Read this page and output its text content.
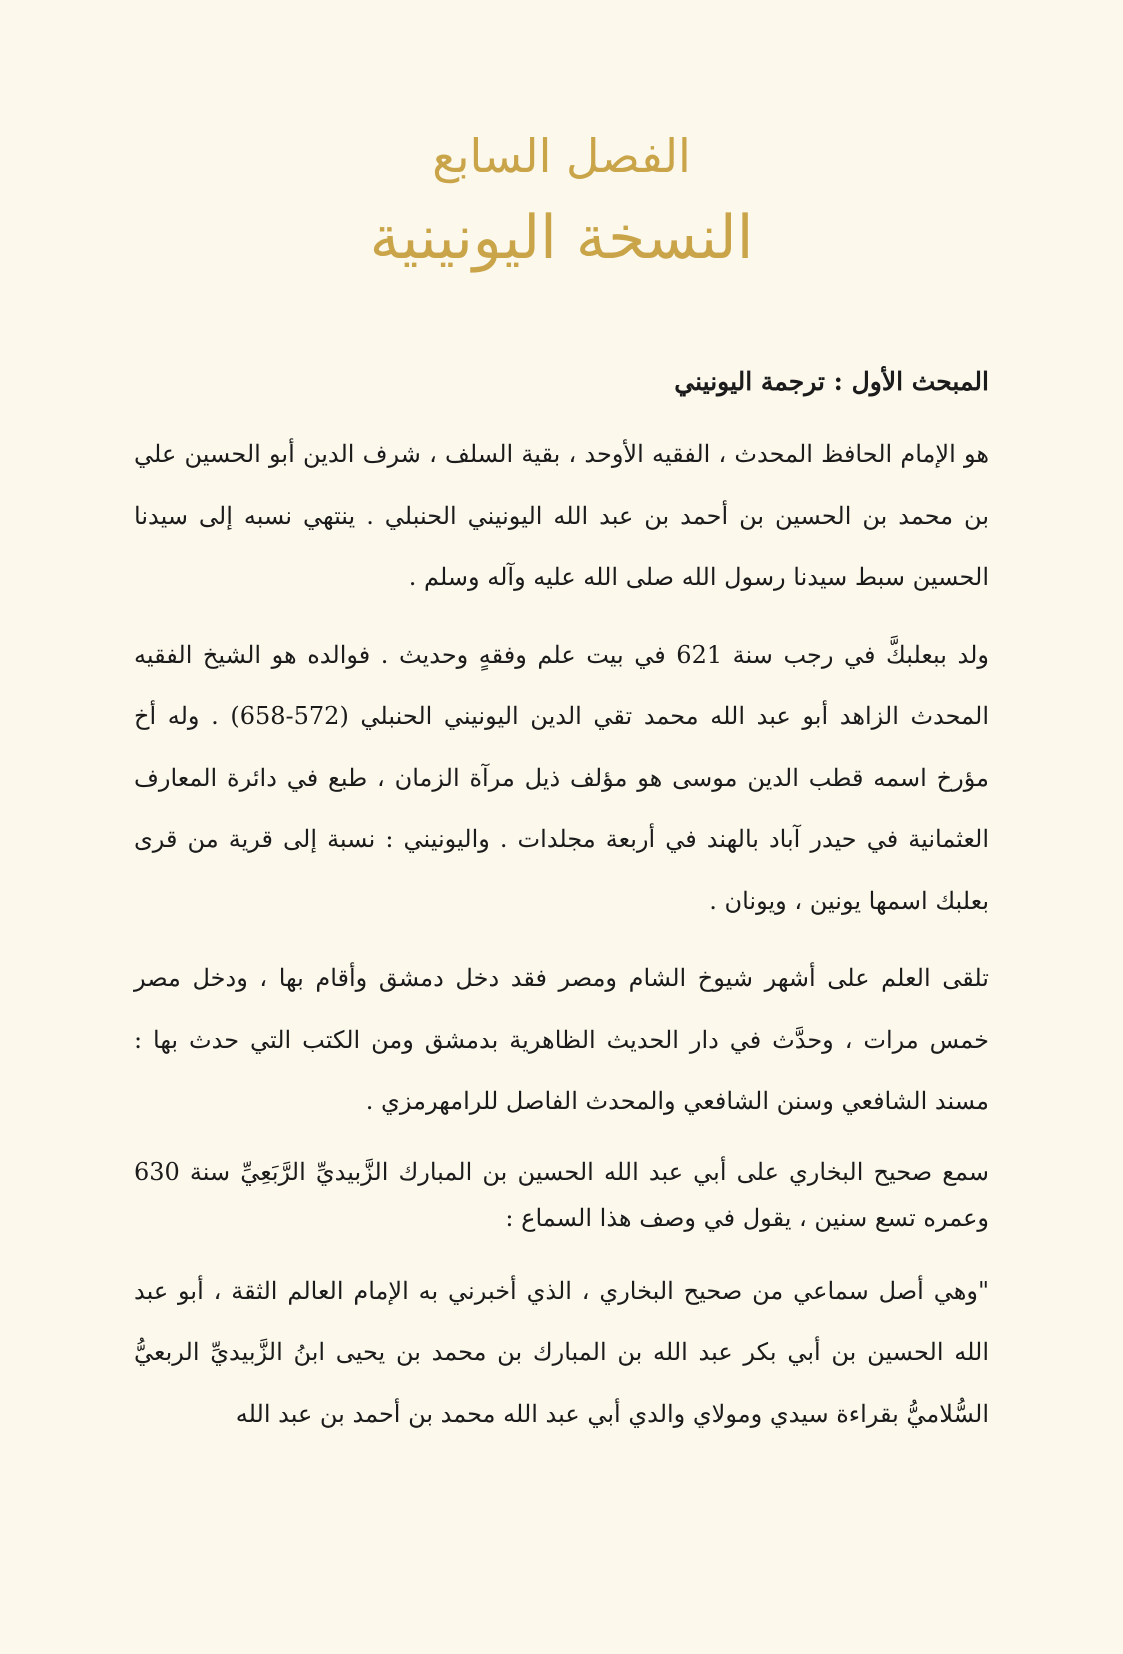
الفصل السابع
النسخة اليونينية
المبحث الأول : ترجمة اليونيني

هو الإمام الحافظ المحدث ، الفقيه الأوحد ، بقية السلف ، شرف الدين أبو الحسين علي بن محمد بن الحسين بن أحمد بن عبد الله اليونيني الحنبلي . ينتهي نسبه إلى سيدنا الحسين سبط سيدنا رسول الله صلى الله عليه وآله وسلم .

ولد ببعلبكَّ في رجب سنة 621 في بيت علم وفقهٍ وحديث . فوالده هو الشيخ الفقيه المحدث الزاهد أبو عبد الله محمد تقي الدين اليونيني الحنبلي (572-658) . وله أخ مؤرخ اسمه قطب الدين موسى هو مؤلف ذيل مرآة الزمان ، طبع في دائرة المعارف العثمانية في حيدر آباد بالهند في أربعة مجلدات . واليونيني : نسبة إلى قرية من قرى بعلبك اسمها يونين ، ويونان .

تلقى العلم على أشهر شيوخ الشام ومصر فقد دخل دمشق وأقام بها ، ودخل مصر خمس مرات ، وحدَّث في دار الحديث الظاهرية بدمشق ومن الكتب التي حدث بها : مسند الشافعي وسنن الشافعي والمحدث الفاصل للرامهرمزي .

سمع صحيح البخاري على أبي عبد الله الحسين بن المبارك الزَّبيديِّ الرَّبَعِيِّ سنة 630 وعمره تسع سنين ، يقول في وصف هذا السماع :

"وهي أصل سماعي من صحيح البخاري ، الذي أخبرني به الإمام العالم الثقة ، أبو عبد الله الحسين بن أبي بكر عبد الله بن المبارك بن محمد بن يحيى ابنُ الزَّبيديِّ الربعيُّ السُّلاميُّ بقراءة سيدي ومولاي والدي أبي عبد الله محمد بن أحمد بن عبد الله
